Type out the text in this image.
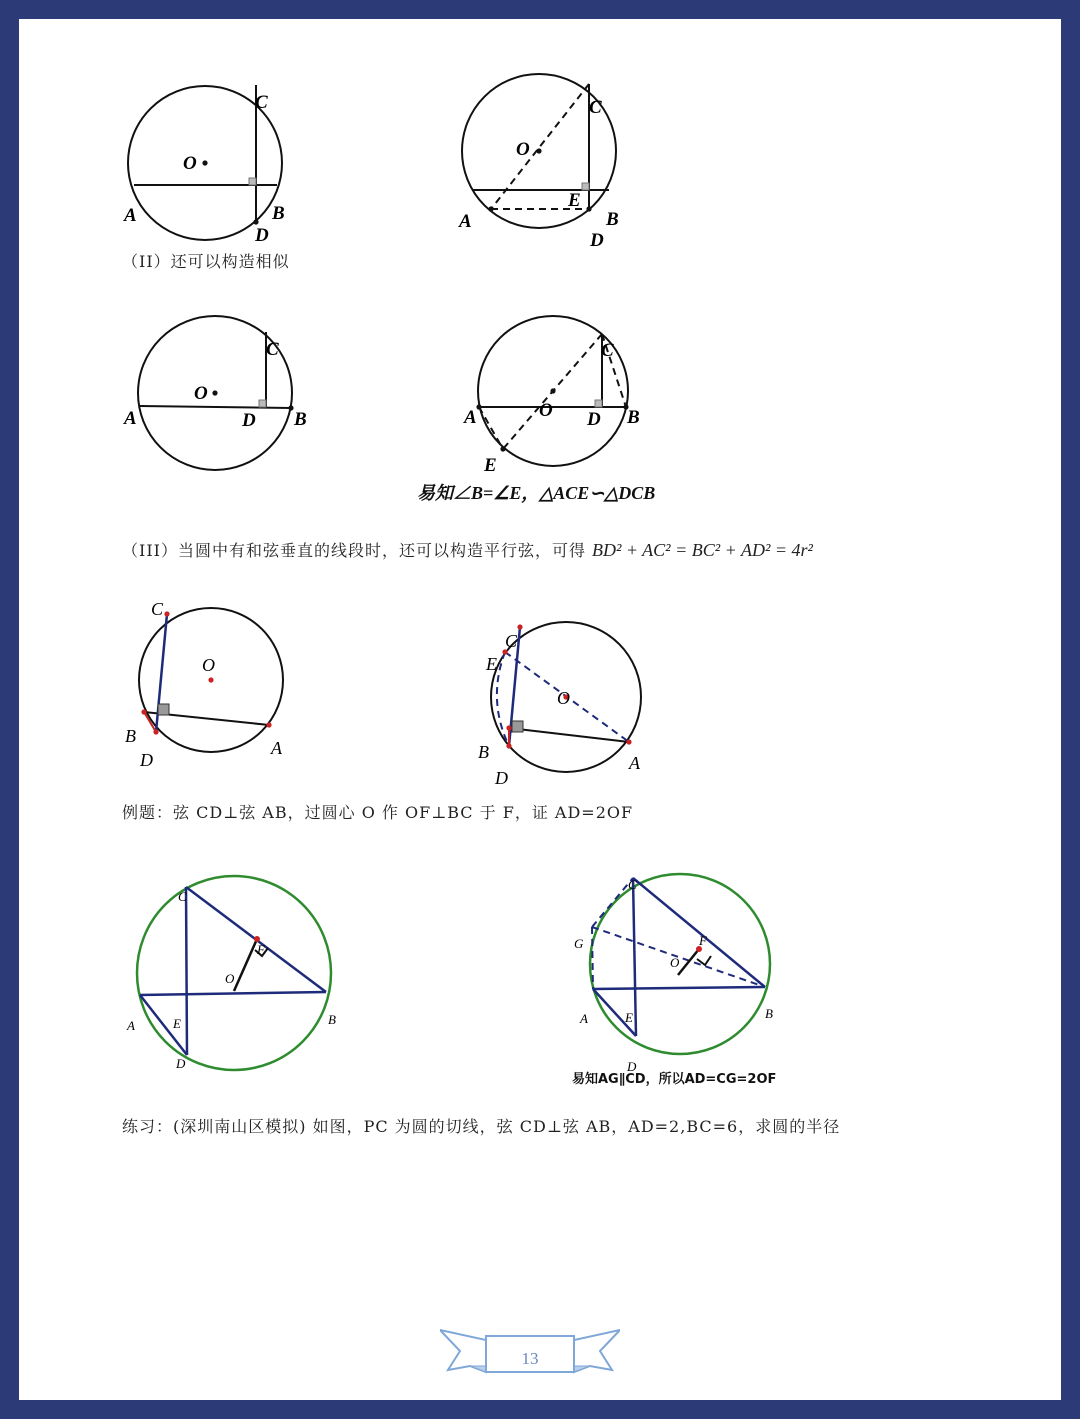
O
A	B
C
D
O
A	B
C
D
E
（II）还可以构造相似
O
A	B
C
D	O
A	B
C
D
E
易知∠B=∠E，△ACE∽△DCB
（III）当圆中有和弦垂直的线段时，还可以构造平行弦，可得 BD² + AC² = BC² + AD² = 4r²
O
A
B
C
D
O
A
B
C
D
E
例题：弦 CD⊥弦 AB，过圆心 O 作 OF⊥BC 于 F，证 AD=2OF
O
A	B
C
D
E
F
O
A	B
C
D
E
F
G
易知AG∥CD，所以AD=CG=2OF
练习：(深圳南山区模拟) 如图，PC 为圆的切线，弦 CD⊥弦 AB，AD=2,BC=6，求圆的半径
13
